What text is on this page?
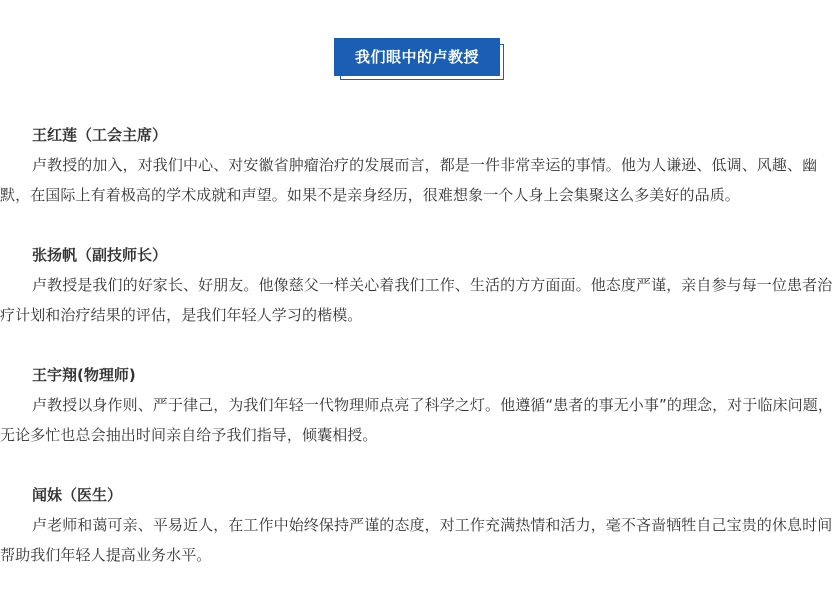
我们眼中的卢教授
王红莲（工会主席）

卢教授的加入，对我们中心、对安徽省肿瘤治疗的发展而言，都是一件非常幸运的事情。他为人谦逊、低调、风趣、幽默，在国际上有着极高的学术成就和声望。如果不是亲身经历，很难想象一个人身上会集聚这么多美好的品质。

张扬帆（副技师长）

卢教授是我们的好家长、好朋友。他像慈父一样关心着我们工作、生活的方方面面。他态度严谨，亲自参与每一位患者治疗计划和治疗结果的评估，是我们年轻人学习的楷模。

王宇翔(物理师)

卢教授以身作则、严于律己，为我们年轻一代物理师点亮了科学之灯。他遵循“患者的事无小事”的理念，对于临床问题，无论多忙也总会抽出时间亲自给予我们指导，倾囊相授。

闻妹（医生）

卢老师和蔼可亲、平易近人，在工作中始终保持严谨的态度，对工作充满热情和活力，毫不吝啬牺牲自己宝贵的休息时间帮助我们年轻人提高业务水平。
